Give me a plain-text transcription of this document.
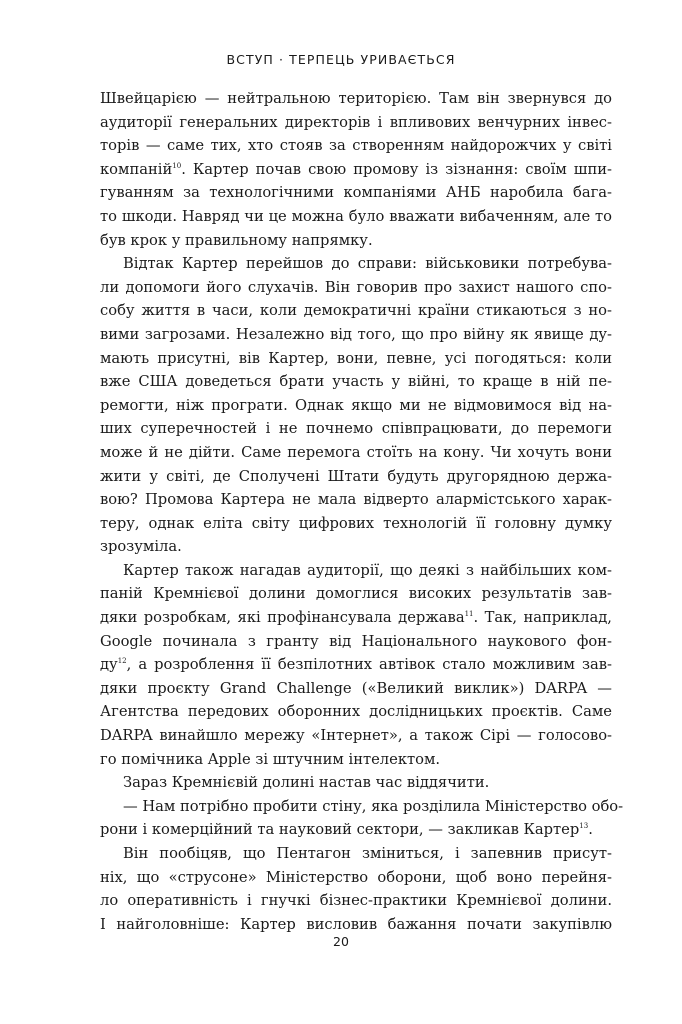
ВСТУП · ТЕРПЕЦЬ УРИВАЄТЬСЯ
Швейцарією — нейтральною територією. Там він звернувся до
аудиторії генеральних директорів і впливових венчурних інвес-
торів — саме тих, хто стояв за створенням найдорожчих у світі
компаній$^{10}$. Картер почав свою промову із зізнання: своїм шпи-
гуванням за технологічними компаніями АНБ наробила бага-
то шкоди. Навряд чи це можна було вважати вибаченням, але то
був крок у правильному напрямку.
Відтак Картер перейшов до справи: військовики потребува-
ли допомоги його слухачів. Він говорив про захист нашого спо-
собу життя в часи, коли демократичні країни стикаються з но-
вими загрозами. Незалежно від того, що про війну як явище ду-
мають присутні, вів Картер, вони, певне, усі погодяться: коли
вже США доведеться брати участь у війні, то краще в ній пе-
ремогти, ніж програти. Однак якщо ми не відмовимося від на-
ших суперечностей і не почнемо співпрацювати, до перемоги
може й не дійти. Саме перемога стоїть на кону. Чи хочуть вони
жити у світі, де Сполучені Штати будуть другорядною держа-
вою? Промова Картера не мала відверто алармістського харак-
теру, однак еліта світу цифрових технологій її головну думку
зрозуміла.
Картер також нагадав аудиторії, що деякі з найбільших ком-
паній Кремнієвої долини домоглися високих результатів зав-
дяки розробкам, які профінансувала держава$^{11}$. Так, наприклад,
Google починала з гранту від Національного наукового фон-
$ду^{12}$, а розроблення її безпілотних автівок стало можливим зав-
дяки проєкту Grand Challenge («Великий виклик») DARPA —
Агентства передових оборонних дослідницьких проєктів. Саме
DARPA винайшло мережу «Інтернет», а також Сірі — голосово-
го помічника Apple зі штучним інтелектом.
Зараз Кремнієвій долині настав час віддячити.
— Нам потрібно пробити стіну, яка розділила Міністерство обо-
рони і комерційний та науковий сектори, — закликав Картер$^{13}$.
Він пообіцяв, що Пентагон зміниться, і запевнив присут-
ніх, що «струсоне» Міністерство оборони, щоб воно перейня-
ло оперативність і гнучкі бізнес-практики Кремнієвої долини.
І найголовніше: Картер висловив бажання почати закупівлю
20
